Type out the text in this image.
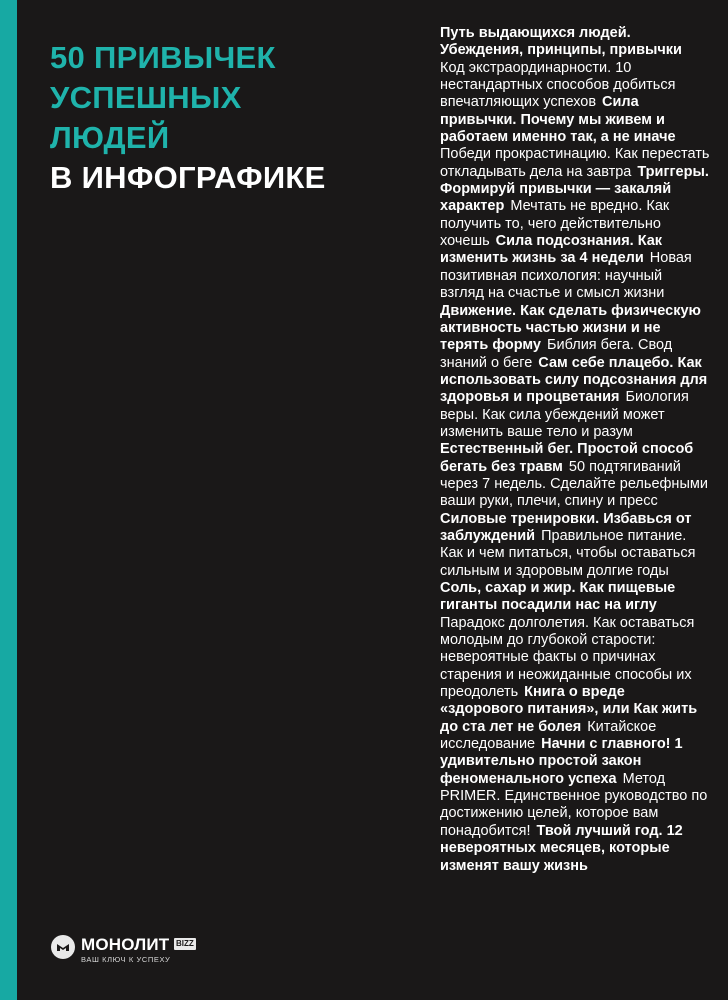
50 ПРИВЫЧЕК
УСПЕШНЫХ
ЛЮДЕЙ
В ИНФОГРАФИКЕ
Путь выдающихся людей. Убеждения, принципы, привычкиКод экстраординарности. 10 нестандартных способов добиться впечатляющих успехов Сила привычки. Почему мы живем и работаем именно так, а не иначеПобеди прокрастинацию. Как перестать откладывать дела на завтра Триггеры. Формируй привычки — закаляй характер Мечтать не вредно. Как получить то, чего действительно хочешь Сила подсознания. Как изменить жизнь за 4 недели Новая позитивная психология: научный взгляд на счастье и смысл жизниДвижение. Как сделать физическую активность частью жизни и не терять форму Библия бега. Свод знаний о беге Сам себе плацебо. Как использовать силу подсознания для здоровья и процветания Биология веры. Как сила убеждений может изменить ваше тело и разумЕстественный бег. Простой способ бегать без травм 50 подтягиваний через 7 недель. Сделайте рельефными ваши руки, плечи, спину и прессСиловые тренировки. Избавься от заблуждений Правильное питание. Как и чем питаться, чтобы оставаться сильным и здоровым долгие годыСоль, сахар и жир. Как пищевые гиганты посадили нас на иглуПарадокс долголетия. Как оставаться молодым до глубокой старости: невероятные факты о причинах старения и неожиданные способы их преодолеть Книга о вреде «здорового питания», или Как жить до ста лет не болея Китайское исследование Начни с главного! 1 удивительно простой закон феноменального успеха Метод PRIMER. Единственное руководство по достижению целей, которое вам понадобится! Твой лучший год. 12 невероятных месяцев, которые изменят вашу жизнь
МОНОЛИТ BIZZ
ВАШ КЛЮЧ К УСПЕХУ
